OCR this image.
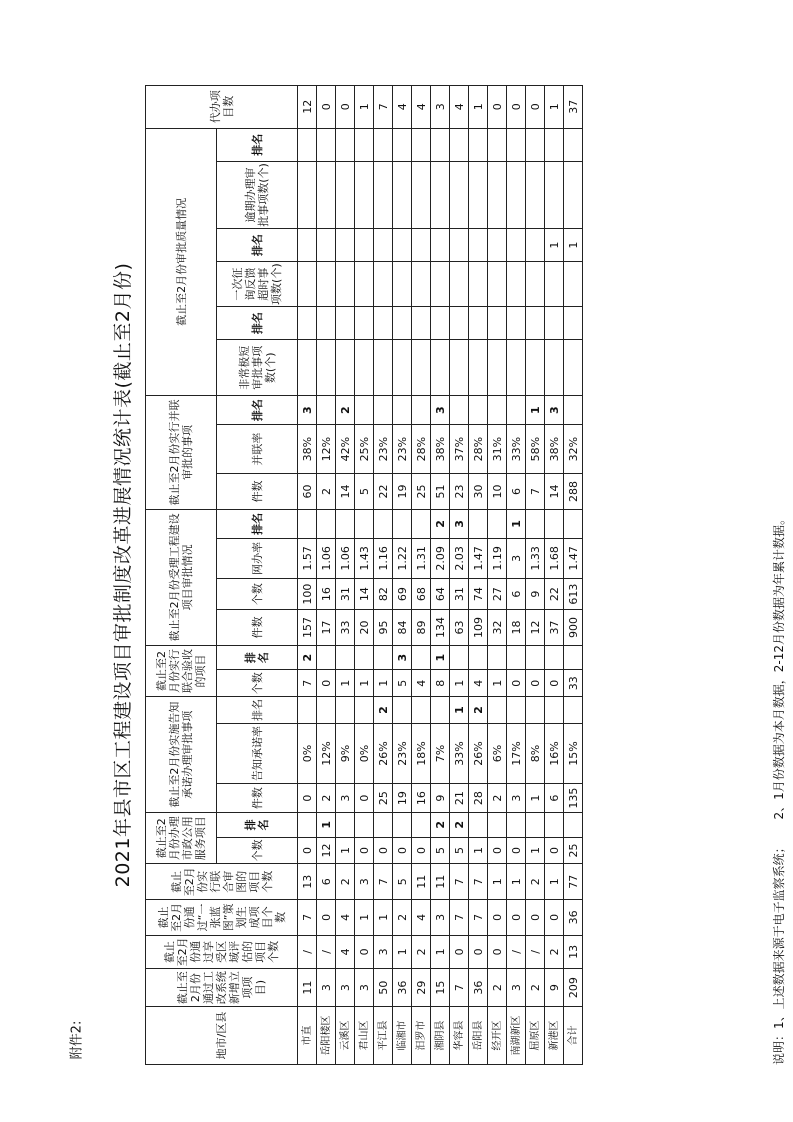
附件2:
2021年县市区工程建设项目审批制度改革进展情况统计表(截止至2月份)
地市/区县	截止至2月份通过工改系统新增立项项目)	截止至2月份通过享受区域评估的项目个数	截止至2月份通过“一张蓝图”策划生成项目个数	截止至2月份实行联合审图的项目个数	截止至2月份办理市政公用服务项目		截止至2月份实施告知承诺办理审批事项			截止至2月份实行联合验收的项目		截止至2月份受理工程建设项目审批情况				截止至2月份实行并联审批的事项			截止至2月份审批质量情况						代办项目数
					个数	排名	件数	告知承诺率	排名	个数	排名	件数	个数	网办率	排名	件数	并联率	排名	非常极短审批事项数(个)	排名	一次征询反馈超时事项数(个)	排名	逾期办理审批事项数(个)	排名	
市直	11	/	7	13	0		0	0%		7	2	157	100	1.57		60	38%	3							12
岳阳楼区	3	/	0	6	12	1	2	12%		0		17	16	1.06		2	12%								0
云溪区	3	4	4	2	1		3	9%		1		33	31	1.06		14	42%	2							0
君山区	3	0	1	3	0		0	0%		1		20	14	1.43		5	25%								1
平江县	50	3	1	7	0		25	26%	2	1		95	82	1.16		22	23%								7
临湘市	36	1	2	5	0		19	23%		5	3	84	69	1.22		19	23%								4
汨罗市	29	2	4	11	0		16	18%		4		89	68	1.31		25	28%								4
湘阴县	15	1	3	11	5	2	9	7%		8	1	134	64	2.09	2	51	38%	3							3
华容县	7	0	7	7	5	2	21	33%	1	1		63	31	2.03	3	23	37%								4
岳阳县	36	0	7	7	1		28	26%	2	4		109	74	1.47		30	28%								1
经开区	2	0	0	1	0		2	6%		1		32	27	1.19		10	31%								0
南湖新区	3	/	0	1	0		3	17%		0		18	6	3	1	6	33%								0
屈原区	2	/	0	2	1		1	8%		0		12	9	1.33		7	58%	1							0
新港区	9	2	0	1	0		6	16%		0		37	22	1.68		14	38%	3				1			1
合计	209	13	36	77	25		135	15%		33		900	613	1.47		288	32%					1			37
说明：1、上述数据来源于电子监察系统； 2、1月份数据为本月数据，2-12月份数据为年累计数据。
